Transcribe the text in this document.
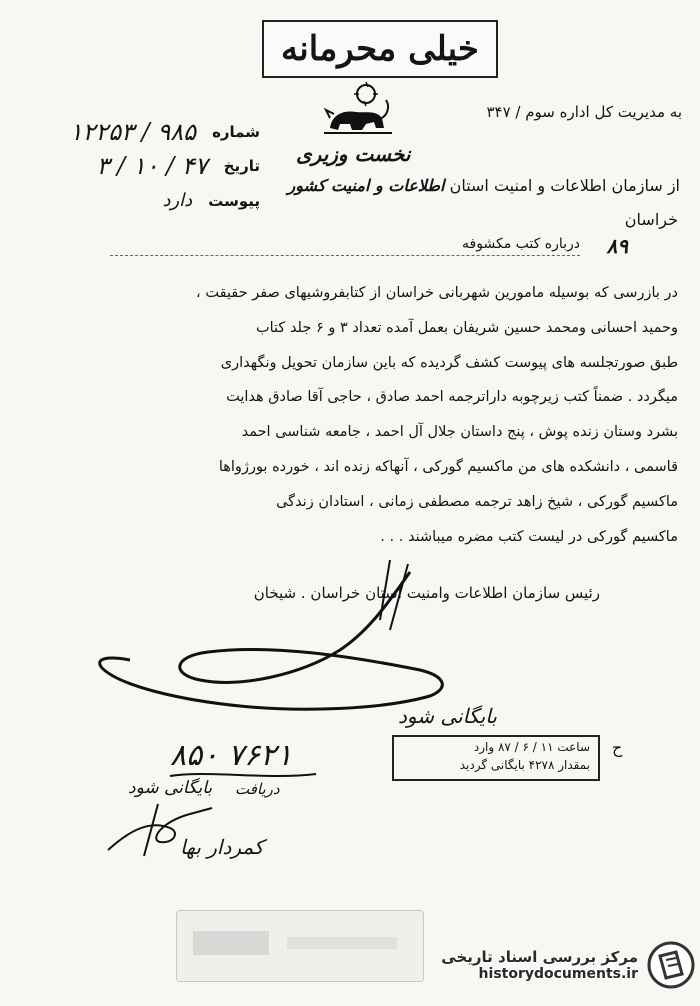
خیلی محرمانه
نخست وزیری
به مدیریت کل اداره سوم / ۳۴۷
شماره
۹۸۵ / ۱۲۲۵۳
تاریخ
۴۷ / ۱۰ / ۳
پیوست
دارد
از سازمان اطلاعات و امنیت استان اطلاعات و امنیت کشور
خراسان
۸۹
درباره کتب مکشوفه
در بازرسی که بوسیله مامورین شهربانی خراسان از کتابفروشیهای صفر حقیقت ،
وحمید احسانی ومحمد حسین شریفان بعمل آمده تعداد ۳ و ۶ جلد کتاب
طبق صورتجلسه های پیوست کشف گردیده که باین سازمان تحویل ونگهداری
میگردد . ضمناً کتب زیرچوبه داراترجمه احمد صادق ، حاجی آقا صادق هدایت
بشرد وستان زنده پوش ، پنج داستان جلال آل احمد ، جامعه شناسی احمد
قاسمی ، دانشکده های من ماکسیم گورکی ، آنهاکه زنده اند ، خورده بورژواها
ماکسیم گورکی ، شیخ زاهد ترجمه مصطفی زمانی ، استادان زندگی
ماکسیم گورکی در لیست کتب مضره میباشند . . .
رئیس سازمان اطلاعات وامنیت استان خراسان . شیخان
بایگانی شود
ساعت ۱۱ / ۶ / ۸۷ وارد
بمقدار ۴۲۷۸ بایگانی گردید
ح
۸۵۰ ۷۶۲۱
دریافت
بایگانی شود
کمردار بها
مرکز بررسی اسناد تاریخی
historydocuments.ir
